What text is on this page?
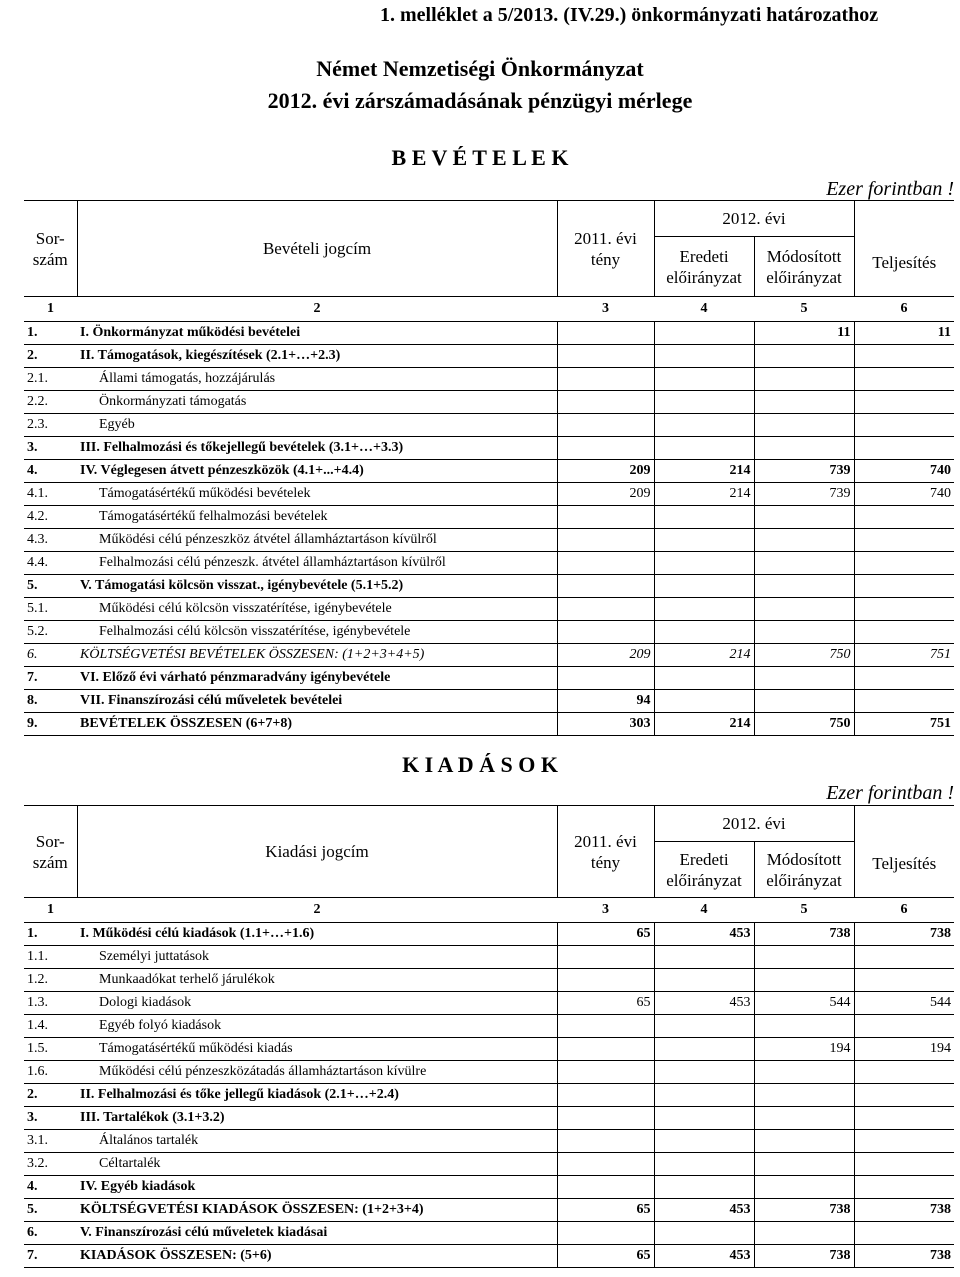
1. melléklet a 5/2013. (IV.29.) önkormányzati határozathoz
Német Nemzetiségi Önkormányzat
2012. évi zárszámadásának pénzügyi mérlege
B E V É T E L E K
Ezer forintban !
Sor- szám	Bevételi jogcím	2011. évi tény	2012. évi		Teljesítés
			Eredeti előirányzat	Módosított előirányzat	
1	2	3	4	5	6
1.	I. Önkormányzat működési bevételei			11	11
2.	II. Támogatások, kiegészítések (2.1+…+2.3)				
2.1.	Állami támogatás, hozzájárulás				
2.2.	Önkormányzati támogatás				
2.3.	Egyéb				
3.	III. Felhalmozási és tőkejellegű bevételek (3.1+…+3.3)				
4.	IV. Véglegesen átvett pénzeszközök (4.1+...+4.4)	209	214	739	740
4.1.	Támogatásértékű működési bevételek	209	214	739	740
4.2.	Támogatásértékű felhalmozási bevételek				
4.3.	Működési célú pénzeszköz átvétel államháztartáson kívülről				
4.4.	Felhalmozási célú pénzeszk. átvétel államháztartáson kívülről				
5.	V. Támogatási kölcsön visszat., igénybevétele (5.1+5.2)				
5.1.	Működési célú kölcsön visszatérítése, igénybevétele				
5.2.	Felhalmozási célú kölcsön visszatérítése, igénybevétele				
6.	KÖLTSÉGVETÉSI BEVÉTELEK ÖSSZESEN: (1+2+3+4+5)	209	214	750	751
7.	VI. Előző évi várható pénzmaradvány igénybevétele				
8.	VII. Finanszírozási célú műveletek bevételei	94			
9.	BEVÉTELEK ÖSSZESEN (6+7+8)	303	214	750	751
K I A D Á S O K
Ezer forintban !
Sor- szám	Kiadási jogcím	2011. évi tény	2012. évi		Teljesítés
			Eredeti előirányzat	Módosított előirányzat	
1	2	3	4	5	6
1.	I. Működési célú kiadások (1.1+…+1.6)	65	453	738	738
1.1.	Személyi juttatások				
1.2.	Munkaadókat terhelő járulékok				
1.3.	Dologi kiadások	65	453	544	544
1.4.	Egyéb folyó kiadások				
1.5.	Támogatásértékű működési kiadás			194	194
1.6.	Működési célú pénzeszközátadás államháztartáson kívülre				
2.	II. Felhalmozási és tőke jellegű kiadások (2.1+…+2.4)				
3.	III. Tartalékok (3.1+3.2)				
3.1.	Általános tartalék				
3.2.	Céltartalék				
4.	IV. Egyéb kiadások				
5.	KÖLTSÉGVETÉSI KIADÁSOK ÖSSZESEN: (1+2+3+4)	65	453	738	738
6.	V. Finanszírozási célú műveletek kiadásai				
7.	KIADÁSOK ÖSSZESEN: (5+6)	65	453	738	738
